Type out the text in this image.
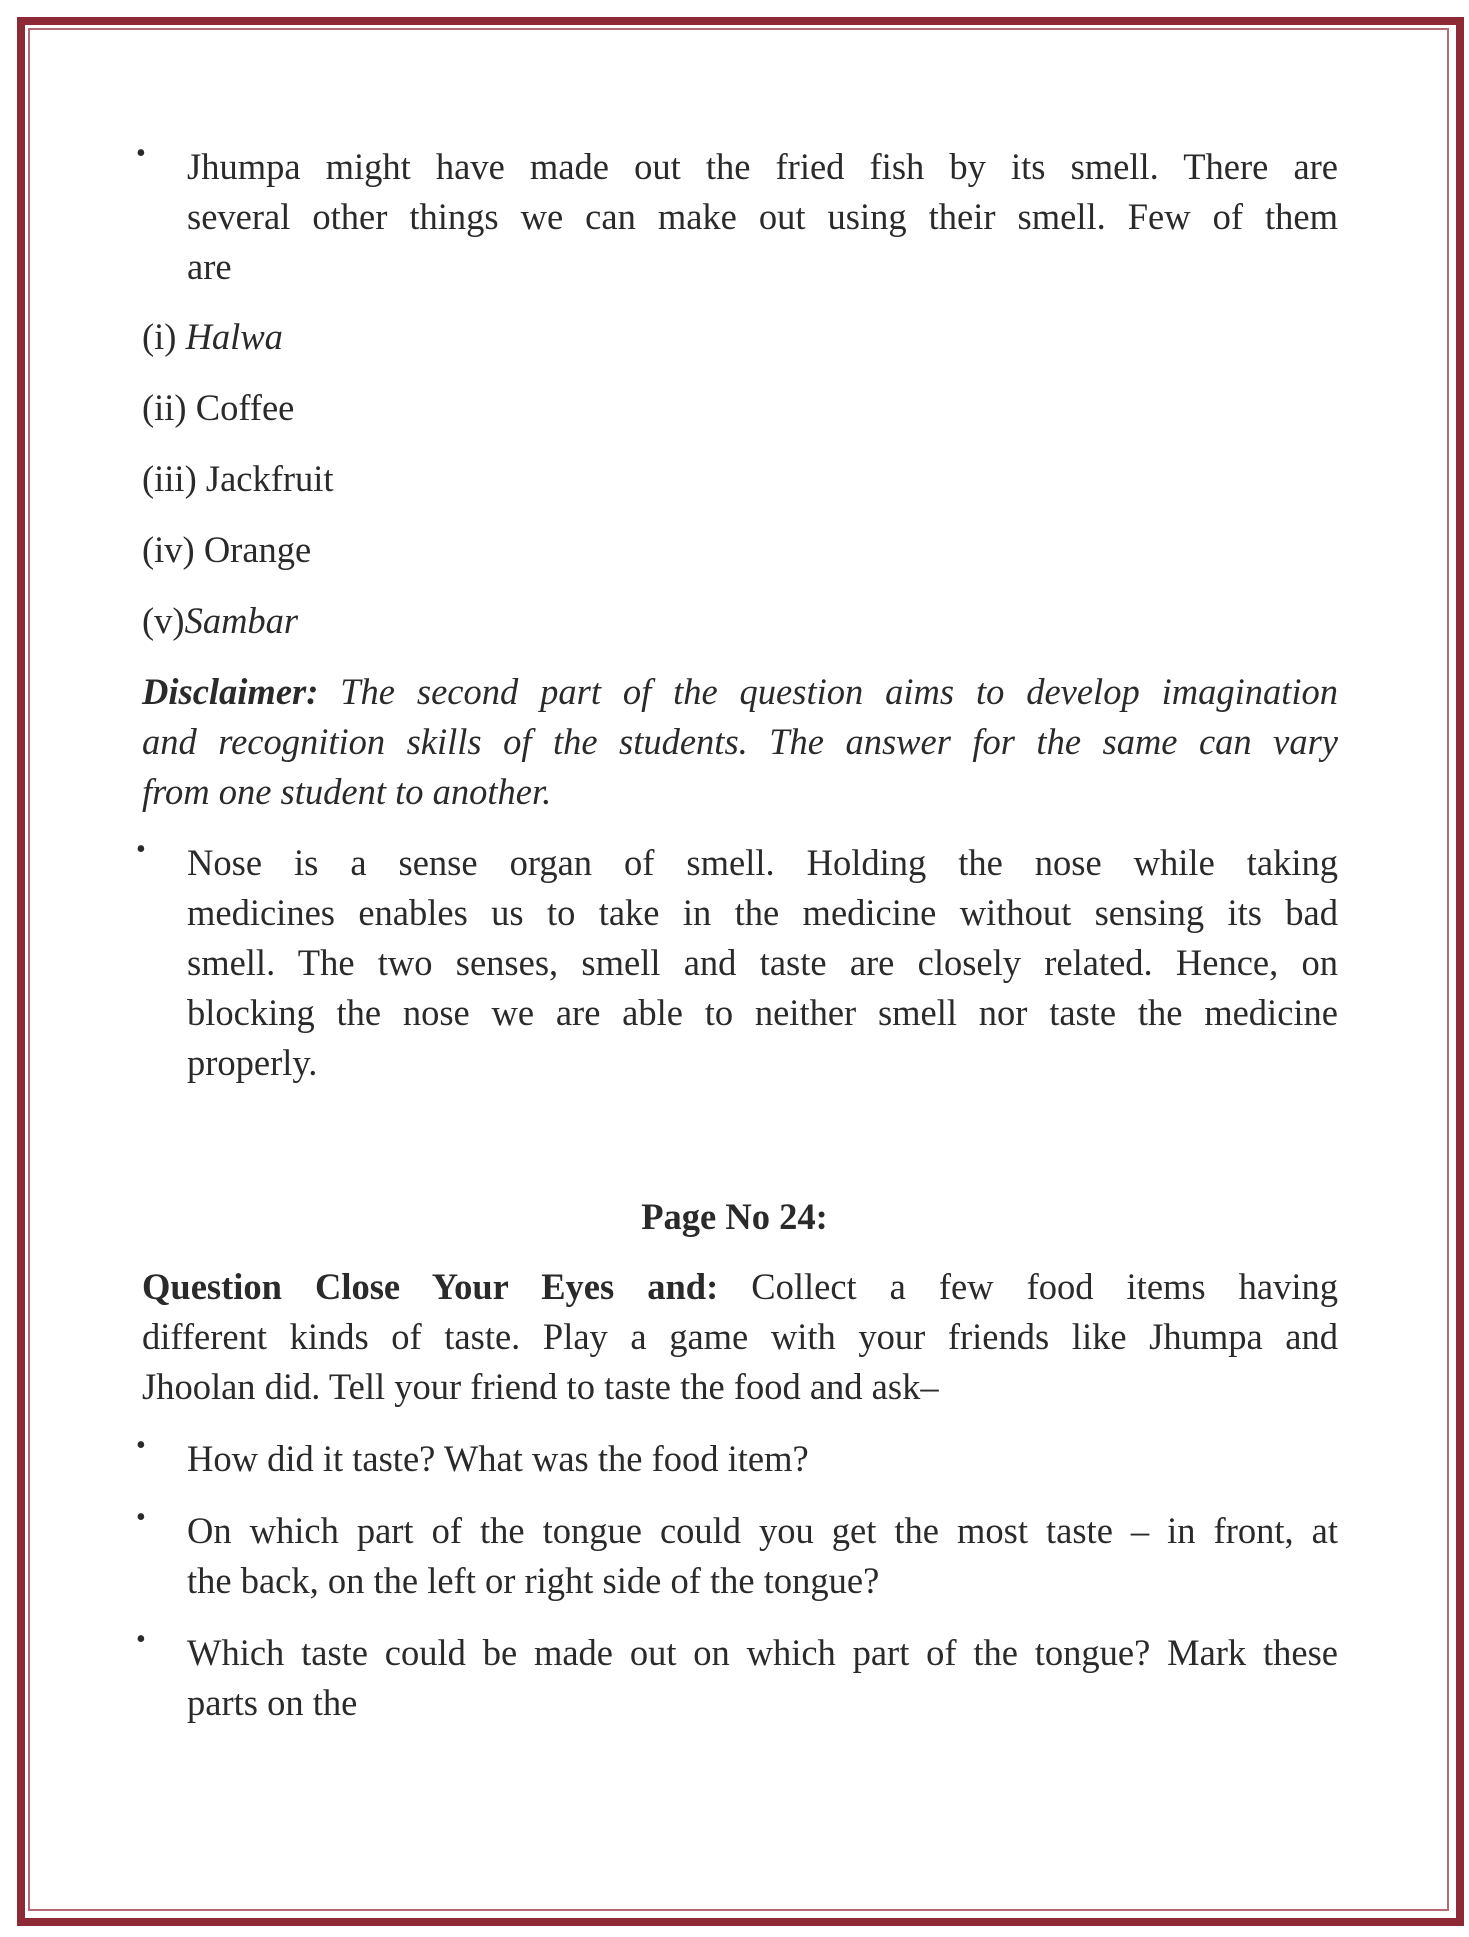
• Jhumpa might have made out the fried fish by its smell. There are
several other things we can make out using their smell. Few of them
are
(i) Halwa
(ii) Coffee
(iii) Jackfruit
(iv) Orange
(v)Sambar
Disclaimer: The second part of the question aims to develop imagination
and recognition skills of the students. The answer for the same can vary
from one student to another.
• Nose is a sense organ of smell. Holding the nose while taking
medicines enables us to take in the medicine without sensing its bad
smell. The two senses, smell and taste are closely related. Hence, on
blocking the nose we are able to neither smell nor taste the medicine
properly.
Page No 24:
Question Close Your Eyes and: Collect a few food items having
different kinds of taste. Play a game with your friends like Jhumpa and
Jhoolan did. Tell your friend to taste the food and ask–
• How did it taste? What was the food item?
• On which part of the tongue could you get the most taste – in front, at
the back, on the left or right side of the tongue?
• Which taste could be made out on which part of the tongue? Mark these
parts on the
